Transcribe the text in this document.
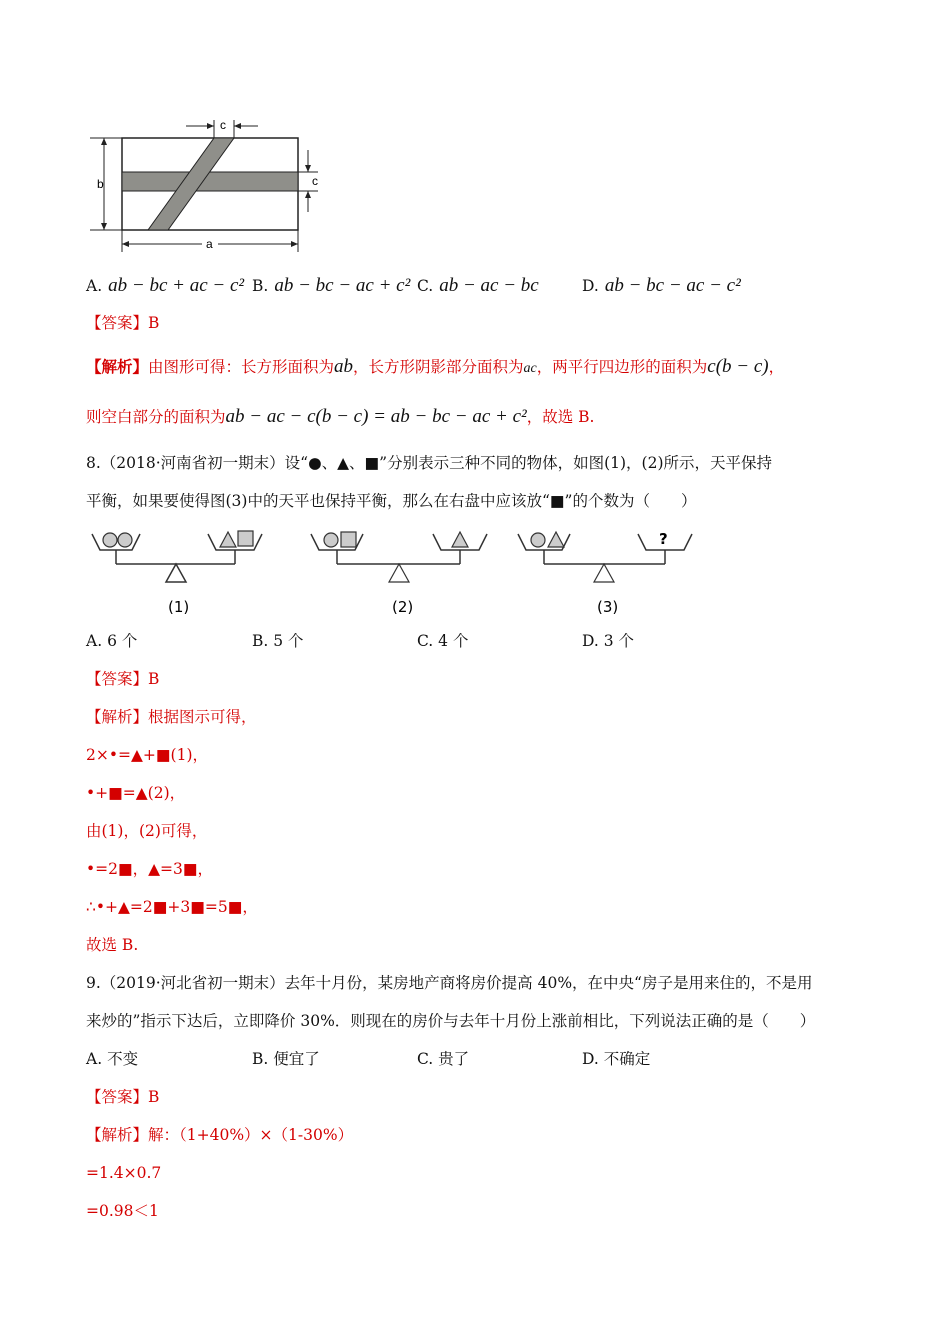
b
c
c
a
A. ab − bc + ac − c² B. ab − bc − ac + c² C. ab − ac − bc	D. ab − bc − ac − c²
【答案】B
【解析】由图形可得：长方形面积为ab，长方形阴影部分面积为ac，两平行四边形的面积为c(b − c)，
则空白部分的面积为ab − ac − c(b − c) = ab − bc − ac + c²，故选 B.
8.（2018·河南省初一期末）设“●、▲、■”分别表示三种不同的物体，如图(1)，(2)所示，天平保持
平衡，如果要使得图(3)中的天平也保持平衡，那么在右盘中应该放“■”的个数为（　　）
(1)	(2)
?
(3)
A. 6 个	B. 5 个	C. 4 个	D. 3 个
【答案】B
【解析】根据图示可得，
2×•=▲+■(1)，
•+■=▲(2)，
由(1)，(2)可得，
•=2■，▲=3■，
∴•+▲=2■+3■=5■，
故选 B.
9.（2019·河北省初一期末）去年十月份，某房地产商将房价提高 40%，在中央“房子是用来住的，不是用
来炒的”指示下达后，立即降价 30%．则现在的房价与去年十月份上涨前相比，下列说法正确的是（　　）
A. 不变	B. 便宜了	C. 贵了	D. 不确定
【答案】B
【解析】解：（1+40%）×（1-30%）
=1.4×0.7
=0.98＜1
